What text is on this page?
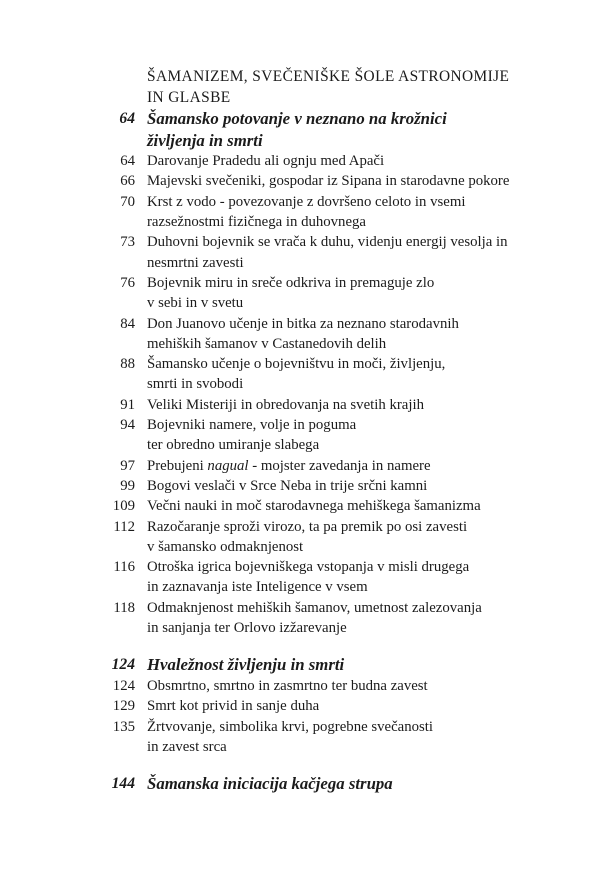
ŠAMANIZEM, SVEČENIŠKE ŠOLE ASTRONOMIJE
IN GLASBE
64 Šamansko potovanje v neznano na krožnici
življenja in smrti
64 Darovanje Pradedu ali ognju med Apači
66 Majevski svečeniki, gospodar iz Sipana in starodavne pokore
70 Krst z vodo - povezovanje z dovršeno celoto in vsemi
razsežnostmi fizičnega in duhovnega
73 Duhovni bojevnik se vrača k duhu, videnju energij vesolja in
nesmrtni zavesti
76 Bojevnik miru in sreče odkriva in premaguje zlo
v sebi in v svetu
84 Don Juanovo učenje in bitka za neznano starodavnih
mehiških šamanov v Castanedovih delih
88 Šamansko učenje o bojevništvu in moči, življenju,
smrti in svobodi
91 Veliki Misteriji in obredovanja na svetih krajih
94 Bojevniki namere, volje in poguma
ter obredno umiranje slabega
97 Prebujeni nagual - mojster zavedanja in namere
99 Bogovi veslači v Srce Neba in trije srčni kamni
109 Večni nauki in moč starodavnega mehiškega šamanizma
112 Razočaranje sproži virozo, ta pa premik po osi zavesti
v šamansko odmaknjenost
116 Otroška igrica bojevniškega vstopanja v misli drugega
in zaznavanja iste Inteligence v vsem
118 Odmaknjenost mehiških šamanov, umetnost zalezovanja
in sanjanja ter Orlovo izžarevanje
124 Hvaležnost življenju in smrti
124 Obsmrtno, smrtno in zasmrtno ter budna zavest
129 Smrt kot privid in sanje duha
135 Žrtvovanje, simbolika krvi, pogrebne svečanosti
in zavest srca
144 Šamanska iniciacija kačjega strupa
